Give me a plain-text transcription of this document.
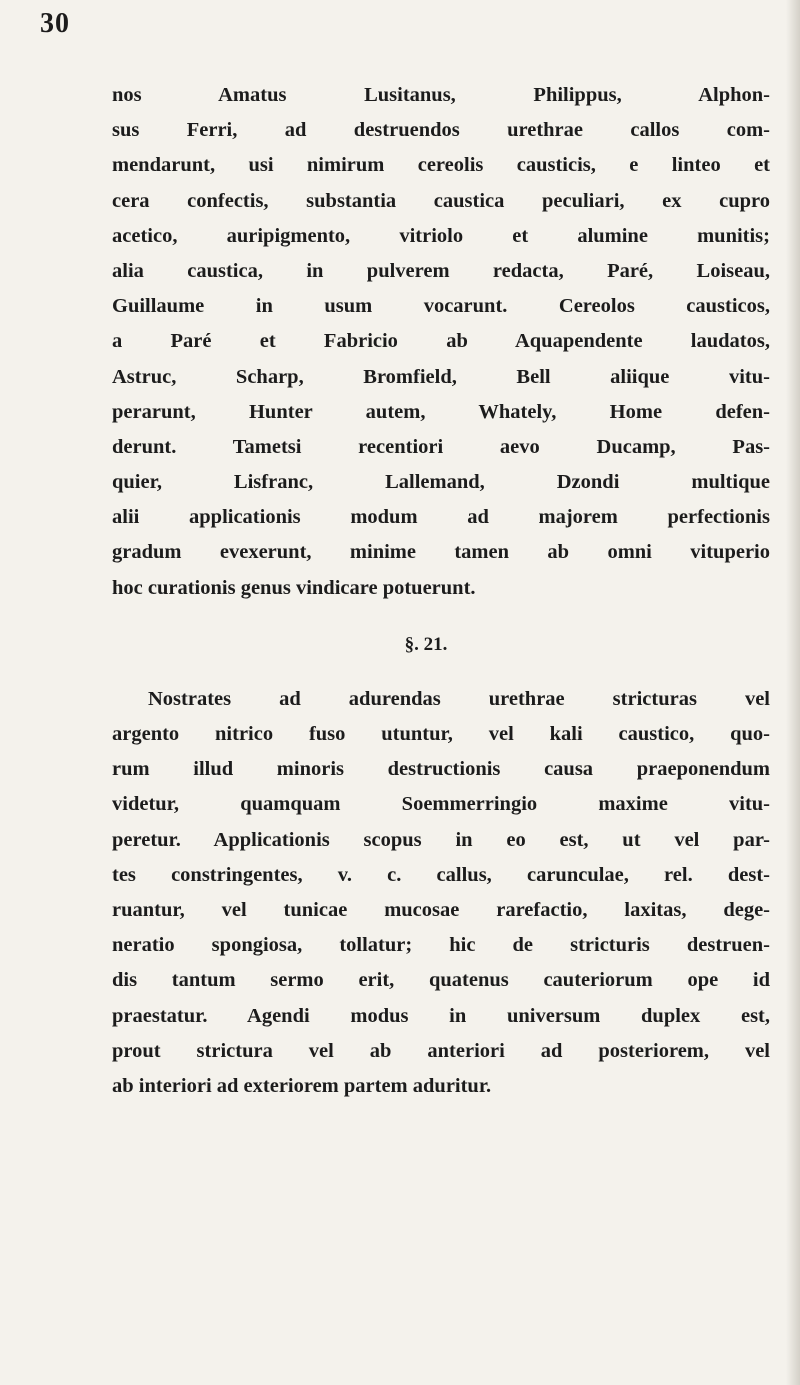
30
nos Amatus Lusitanus, Philippus, Alphon-
sus Ferri, ad destruendos urethrae callos com-
mendarunt, usi nimirum cereolis causticis, e linteo et
cera confectis, substantia caustica peculiari, ex cupro
acetico, auripigmento, vitriolo et alumine munitis;
alia caustica, in pulverem redacta, Paré, Loiseau,
Guillaume in usum vocarunt. Cereolos causticos,
a Paré et Fabricio ab Aquapendente laudatos,
Astruc, Scharp, Bromfield, Bell aliique vitu-
perarunt, Hunter autem, Whately, Home defen-
derunt. Tametsi recentiori aevo Ducamp, Pas-
quier, Lisfranc, Lallemand, Dzondi multique
alii applicationis modum ad majorem perfectionis
gradum evexerunt, minime tamen ab omni vituperio
hoc curationis genus vindicare potuerunt.
§. 21.
Nostrates ad adurendas urethrae stricturas vel
argento nitrico fuso utuntur, vel kali caustico, quo-
rum illud minoris destructionis causa praeponendum
videtur, quamquam Soemmerringio maxime vitu-
peretur. Applicationis scopus in eo est, ut vel par-
tes constringentes, v. c. callus, carunculae, rel. dest-
ruantur, vel tunicae mucosae rarefactio, laxitas, dege-
neratio spongiosa, tollatur; hic de stricturis destruen-
dis tantum sermo erit, quatenus cauteriorum ope id
praestatur. Agendi modus in universum duplex est,
prout strictura vel ab anteriori ad posteriorem, vel
ab interiori ad exteriorem partem aduritur.
